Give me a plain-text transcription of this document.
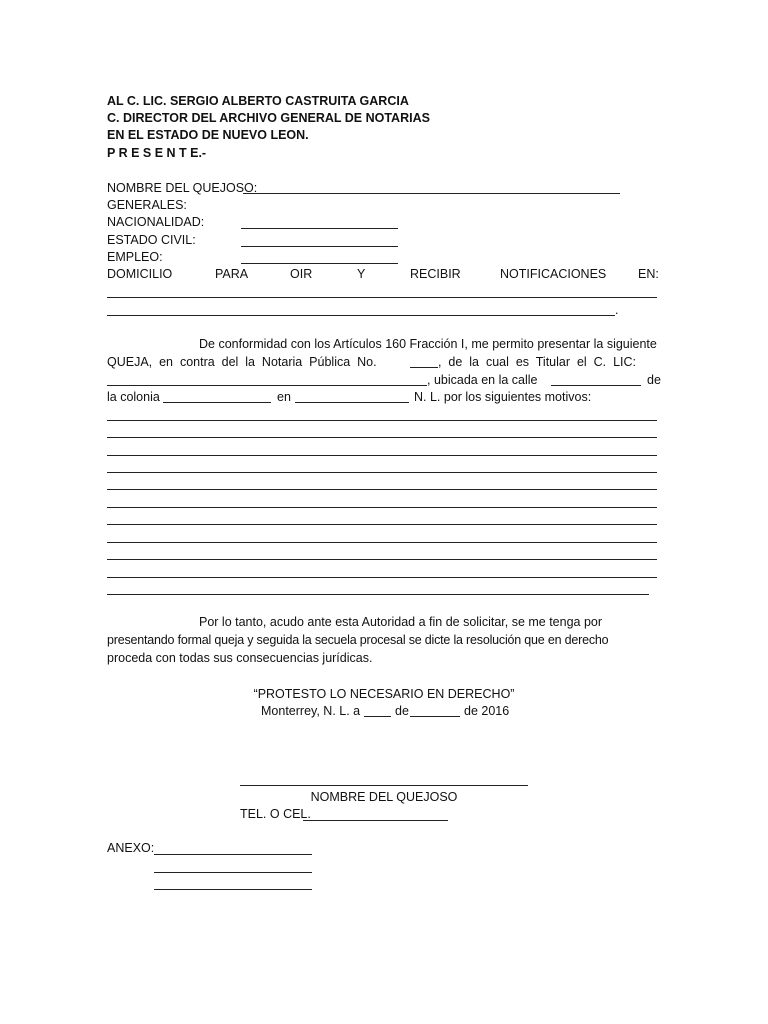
AL C. LIC. SERGIO ALBERTO CASTRUITA GARCIA
C. DIRECTOR DEL ARCHIVO GENERAL DE NOTARIAS
EN EL ESTADO DE NUEVO LEON.
P R E S E N T E.-
NOMBRE DEL QUEJOSO:
GENERALES:
NACIONALIDAD:
ESTADO CIVIL:
EMPLEO:
DOMICILIO	PARA	OIR	Y	RECIBIR	NOTIFICACIONES	EN:
.
De conformidad con los Artículos 160 Fracción I, me permito presentar la siguiente
QUEJA,  en  contra  del  la  Notaria  Pública  No.	,  de  la  cual  es  Titular  el  C.  LIC:
, ubicada en la calle	de
la colonia	en	N. L. por los siguientes motivos:
Por lo tanto, acudo ante esta Autoridad a fin de solicitar, se me tenga por
presentando formal queja y seguida la secuela procesal se dicte la resolución que en derecho
proceda con todas sus consecuencias jurídicas.
“PROTESTO LO NECESARIO EN DERECHO”
Monterrey, N. L. a	de	de 2016
NOMBRE DEL QUEJOSO
TEL. O CEL.
ANEXO:
